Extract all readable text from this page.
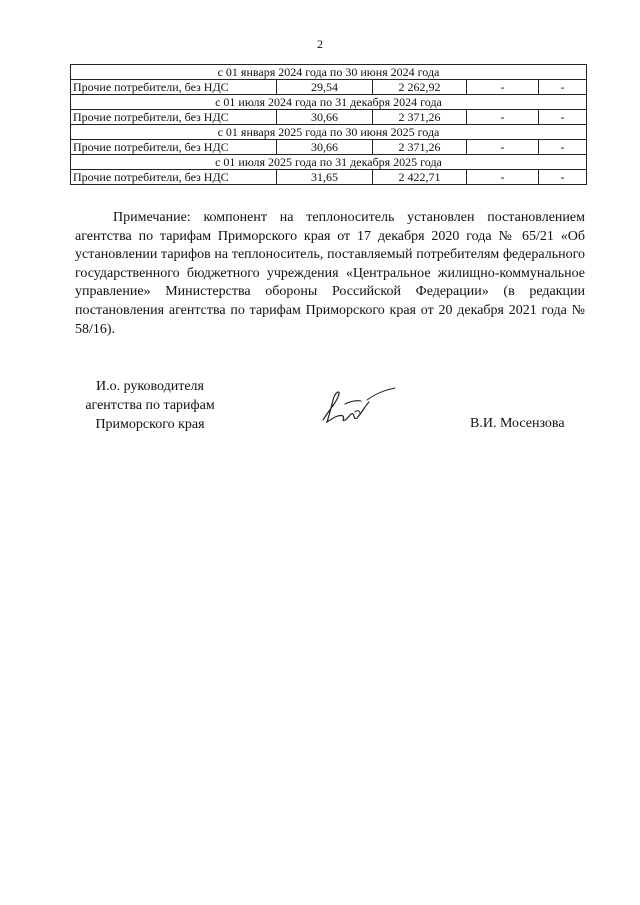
2
с 01 января 2024 года по 30 июня 2024 года				
Прочие потребители, без НДС	29,54	2 262,92	-	-
с 01 июля 2024 года по 31 декабря 2024 года				
Прочие потребители, без НДС	30,66	2 371,26	-	-
с 01 января 2025 года по 30 июня 2025 года				
Прочие потребители, без НДС	30,66	2 371,26	-	-
с 01 июля 2025 года по 31 декабря 2025 года				
Прочие потребители, без НДС	31,65	2 422,71	-	-

Примечание: компонент на теплоноситель установлен постановлением агентства по тарифам Приморского края от 17 декабря 2020 года № 65/21 «Об установлении тарифов на теплоноситель, поставляемый потребителям федерального государственного бюджетного учреждения «Центральное жилищно-коммунальное управление» Министерства обороны Российской Федерации» (в редакции постановления агентства по тарифам Приморского края от 20 декабря 2021 года № 58/16).

И.о. руководителя
агентства по тарифам
Приморского края	В.И. Мосензова
